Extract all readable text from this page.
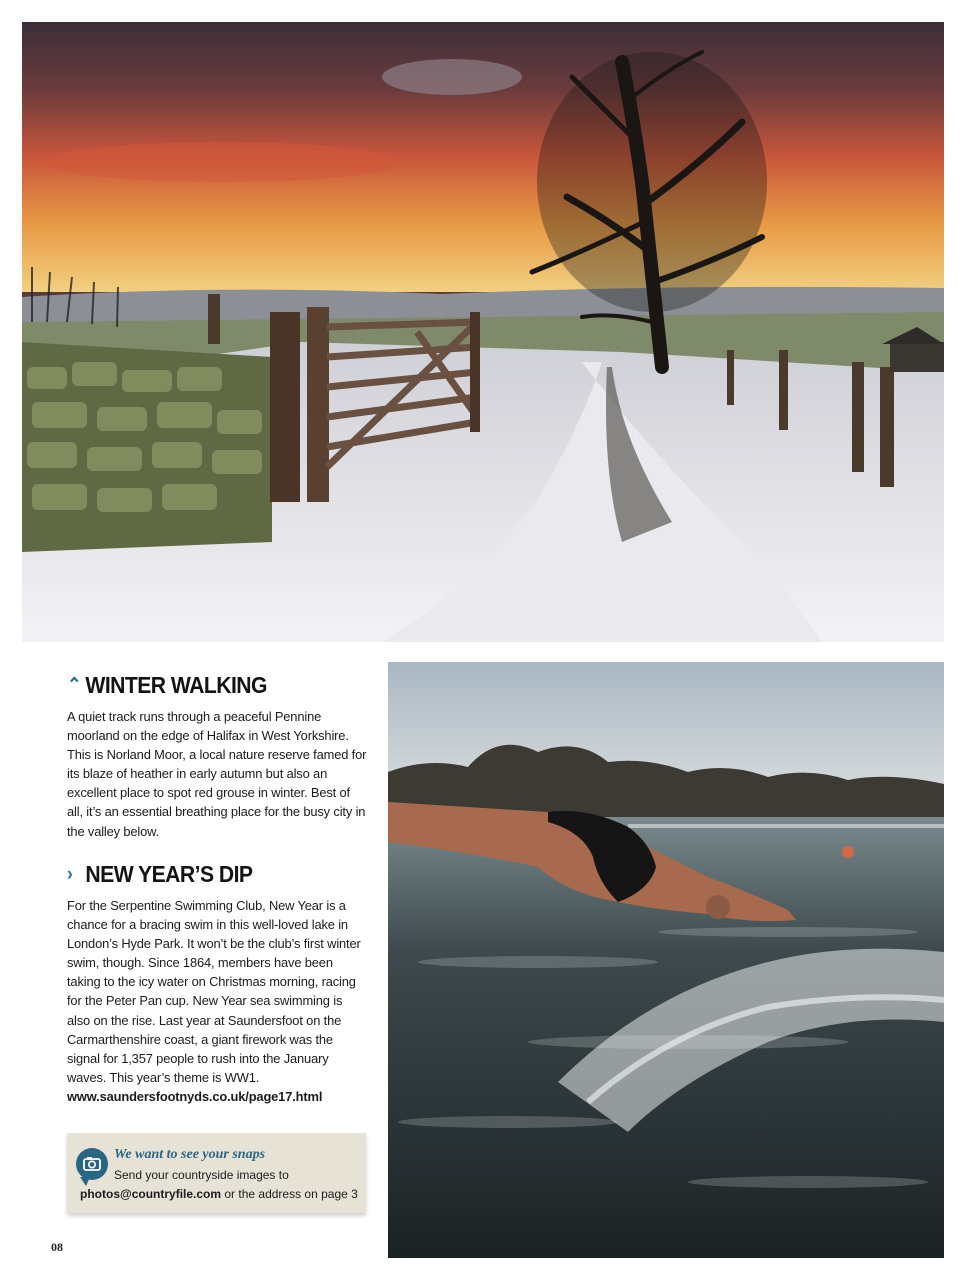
⌃ WINTER WALKING

A quiet track runs through a peaceful Pennine moorland on the edge of Halifax in West Yorkshire. This is Norland Moor, a local nature reserve famed for its blaze of heather in early autumn but also an excellent place to spot red grouse in winter. Best of all, it’s an essential breathing place for the busy city in the valley below.

› NEW YEAR’S DIP

For the Serpentine Swimming Club, New Year is a chance for a bracing swim in this well-loved lake in London’s Hyde Park. It won’t be the club’s first winter swim, though. Since 1864, members have been taking to the icy water on Christmas morning, racing for the Peter Pan cup. New Year sea swimming is also on the rise. Last year at Saundersfoot on the Carmarthenshire coast, a giant firework was the signal for 1,357 people to rush into the January waves. This year’s theme is WW1.
www.saundersfootnyds.co.uk/page17.html

We want to see your snaps
Send your countryside images to
photos@countryfile.com or the address on page 3
08
